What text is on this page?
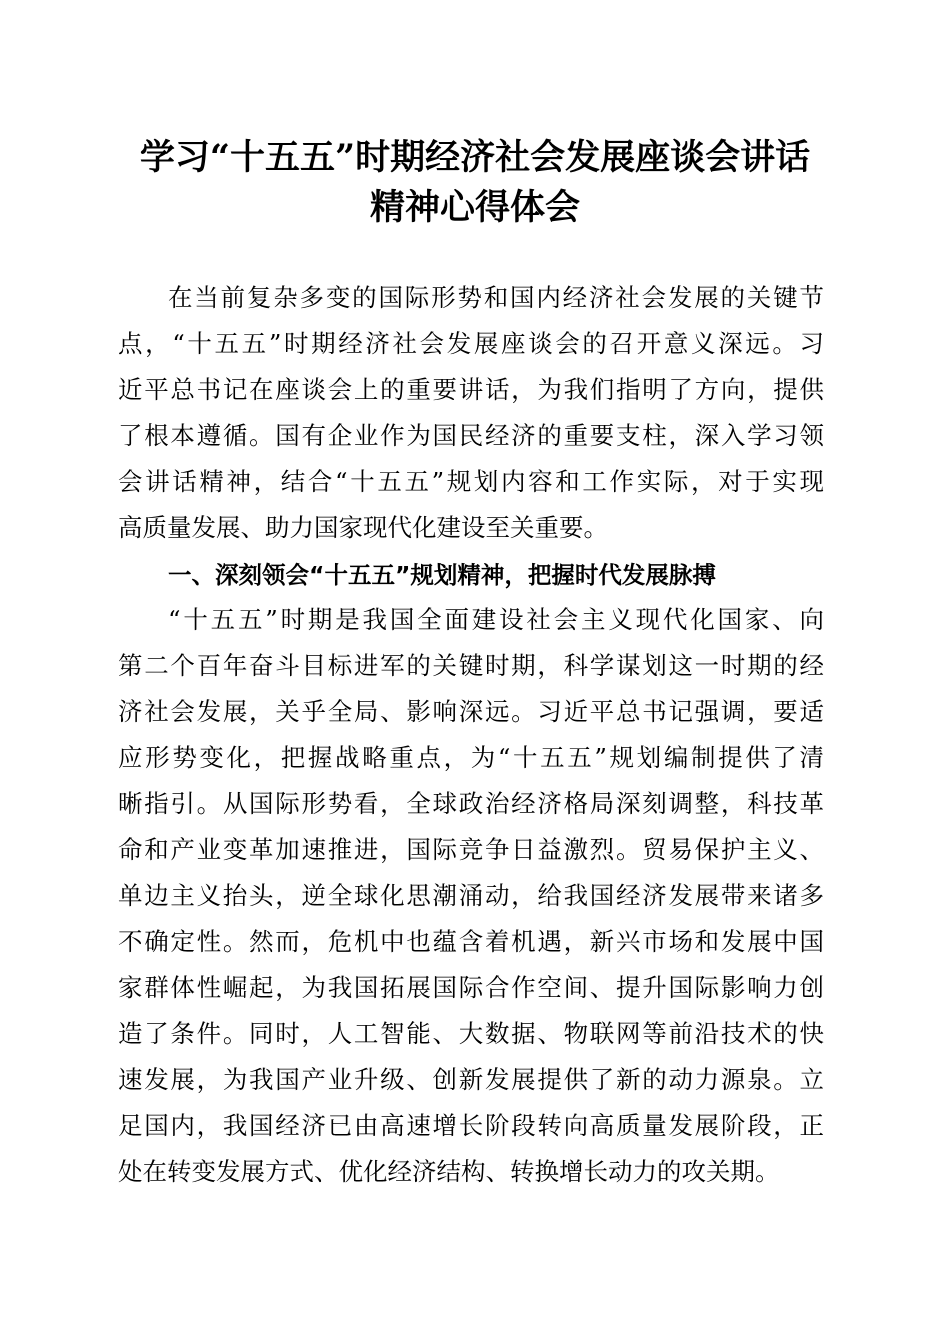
学习“十五五”时期经济社会发展座谈会讲话
精神心得体会
在当前复杂多变的国际形势和国内经济社会发展的关键节
点，“十五五”时期经济社会发展座谈会的召开意义深远。习
近平总书记在座谈会上的重要讲话，为我们指明了方向，提供
了根本遵循。国有企业作为国民经济的重要支柱，深入学习领
会讲话精神，结合“十五五”规划内容和工作实际，对于实现
高质量发展、助力国家现代化建设至关重要。
一、深刻领会“十五五”规划精神，把握时代发展脉搏
“十五五”时期是我国全面建设社会主义现代化国家、向
第二个百年奋斗目标进军的关键时期，科学谋划这一时期的经
济社会发展，关乎全局、影响深远。习近平总书记强调，要适
应形势变化，把握战略重点，为“十五五”规划编制提供了清
晰指引。从国际形势看，全球政治经济格局深刻调整，科技革
命和产业变革加速推进，国际竞争日益激烈。贸易保护主义、
单边主义抬头，逆全球化思潮涌动，给我国经济发展带来诸多
不确定性。然而，危机中也蕴含着机遇，新兴市场和发展中国
家群体性崛起，为我国拓展国际合作空间、提升国际影响力创
造了条件。同时，人工智能、大数据、物联网等前沿技术的快
速发展，为我国产业升级、创新发展提供了新的动力源泉。立
足国内，我国经济已由高速增长阶段转向高质量发展阶段，正
处在转变发展方式、优化经济结构、转换增长动力的攻关期。
